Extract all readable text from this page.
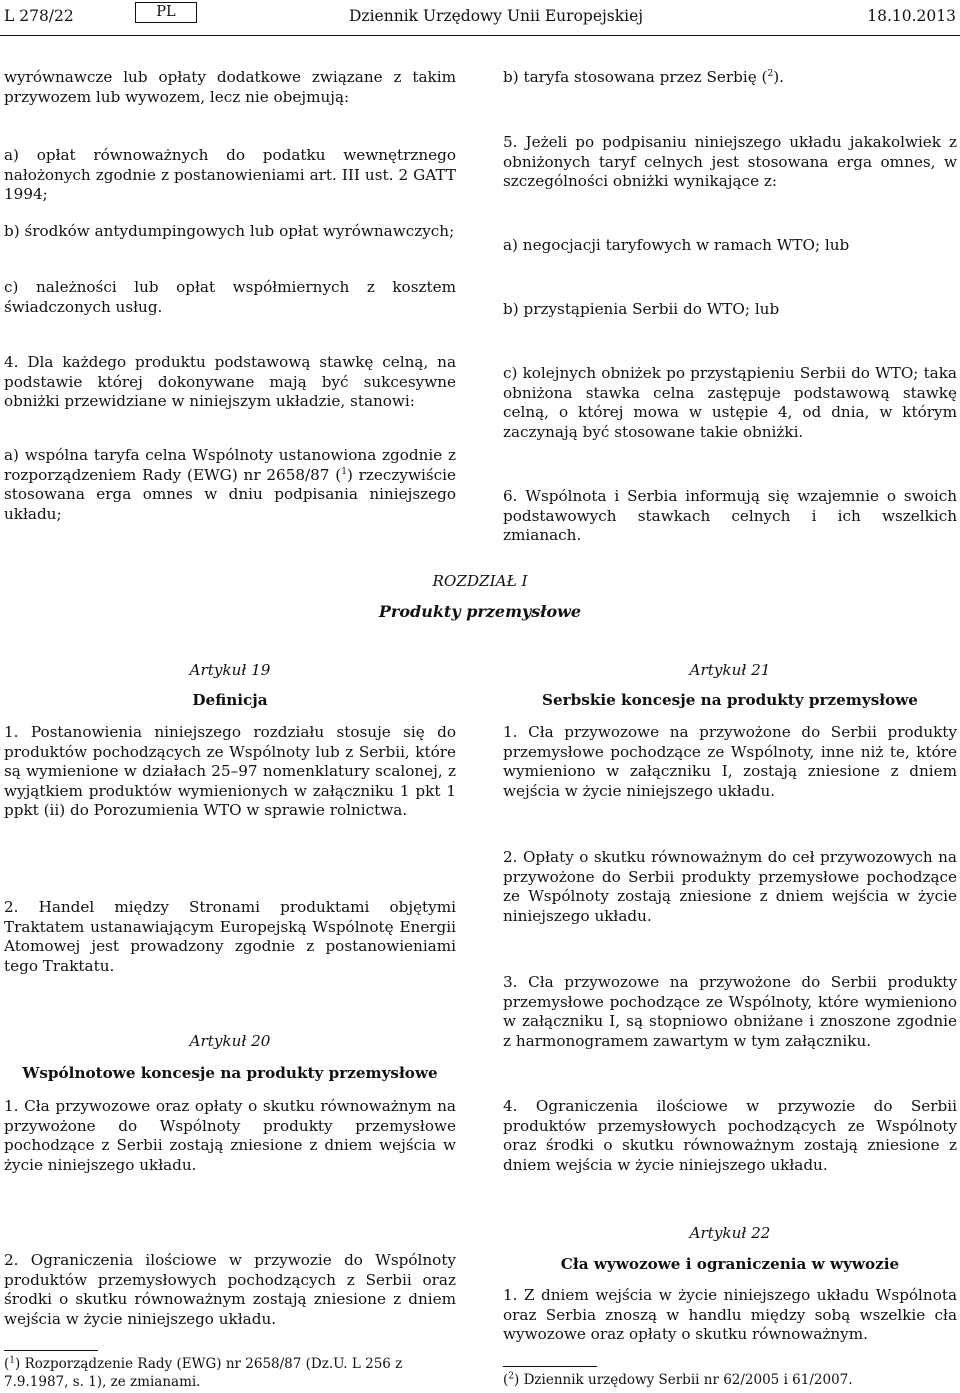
L 278/22	PL	Dziennik Urzędowy Unii Europejskiej	18.10.2013

wyrównawcze lub opłaty dodatkowe związane z takim przywozem lub wywozem, lecz nie obejmują:

a) opłat równoważnych do podatku wewnętrznego nałożonych zgodnie z postanowieniami art. III ust. 2 GATT 1994;

b) środków antydumpingowych lub opłat wyrównawczych;

c) należności lub opłat współmiernych z kosztem świadczonych usług.

4. Dla każdego produktu podstawową stawkę celną, na podstawie której dokonywane mają być sukcesywne obniżki przewidziane w niniejszym układzie, stanowi:

a) wspólna taryfa celna Wspólnoty ustanowiona zgodnie z rozporządzeniem Rady (EWG) nr 2658/87 ($^1$) rzeczywiście stosowana erga omnes w dniu podpisania niniejszego układu;

b) taryfa stosowana przez Serbię ($^2$).

5. Jeżeli po podpisaniu niniejszego układu jakakolwiek z obniżonych taryf celnych jest stosowana erga omnes, w szczególności obniżki wynikające z:

a) negocjacji taryfowych w ramach WTO; lub

b) przystąpienia Serbii do WTO; lub

c) kolejnych obniżek po przystąpieniu Serbii do WTO; taka obniżona stawka celna zastępuje podstawową stawkę celną, o której mowa w ustępie 4, od dnia, w którym zaczynają być stosowane takie obniżki.

6. Wspólnota i Serbia informują się wzajemnie o swoich podstawowych stawkach celnych i ich wszelkich zmianach.

ROZDZIAŁ I
Produkty przemysłowe
Artykuł 19
Definicja

1. Postanowienia niniejszego rozdziału stosuje się do produktów pochodzących ze Wspólnoty lub z Serbii, które są wymienione w działach 25–97 nomenklatury scalonej, z wyjątkiem produktów wymienionych w załączniku 1 pkt 1 ppkt (ii) do Porozumienia WTO w sprawie rolnictwa.

2. Handel między Stronami produktami objętymi Traktatem ustanawiającym Europejską Wspólnotę Energii Atomowej jest prowadzony zgodnie z postanowieniami tego Traktatu.

Artykuł 20
Wspólnotowe koncesje na produkty przemysłowe

1. Cła przywozowe oraz opłaty o skutku równoważnym na przywożone do Wspólnoty produkty przemysłowe pochodzące z Serbii zostają zniesione z dniem wejścia w życie niniejszego układu.

2. Ograniczenia ilościowe w przywozie do Wspólnoty produktów przemysłowych pochodzących z Serbii oraz środki o skutku równoważnym zostają zniesione z dniem wejścia w życie niniejszego układu.

Artykuł 21
Serbskie koncesje na produkty przemysłowe

1. Cła przywozowe na przywożone do Serbii produkty przemysłowe pochodzące ze Wspólnoty, inne niż te, które wymieniono w załączniku I, zostają zniesione z dniem wejścia w życie niniejszego układu.

2. Opłaty o skutku równoważnym do ceł przywozowych na przywożone do Serbii produkty przemysłowe pochodzące ze Wspólnoty zostają zniesione z dniem wejścia w życie niniejszego układu.

3. Cła przywozowe na przywożone do Serbii produkty przemysłowe pochodzące ze Wspólnoty, które wymieniono w załączniku I, są stopniowo obniżane i znoszone zgodnie z harmonogramem zawartym w tym załączniku.

4. Ograniczenia ilościowe w przywozie do Serbii produktów przemysłowych pochodzących ze Wspólnoty oraz środki o skutku równoważnym zostają zniesione z dniem wejścia w życie niniejszego układu.

Artykuł 22
Cła wywozowe i ograniczenia w wywozie

1. Z dniem wejścia w życie niniejszego układu Wspólnota oraz Serbia znoszą w handlu między sobą wszelkie cła wywozowe oraz opłaty o skutku równoważnym.

($^1$) Rozporządzenie Rady (EWG) nr 2658/87 (Dz.U. L 256 z 7.9.1987, s. 1), ze zmianami.	($^2$) Dziennik urzędowy Serbii nr 62/2005 i 61/2007.
